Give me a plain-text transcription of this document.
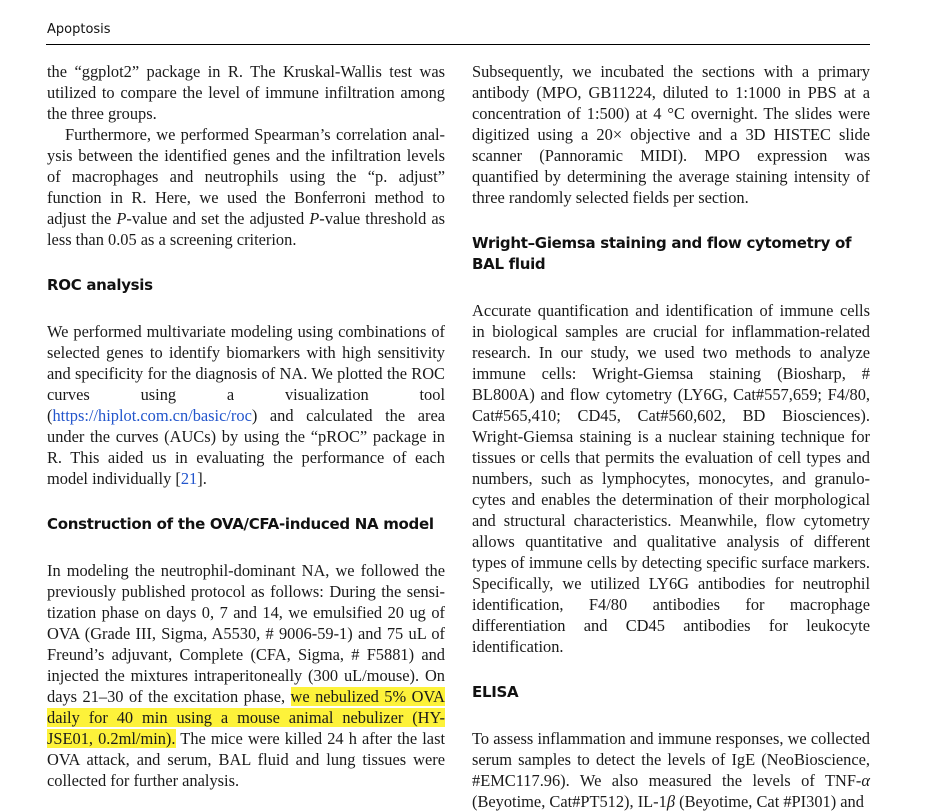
Apoptosis

the “ggplot2” package in R. The Kruskal-Wallis test was utilized to compare the level of immune infiltration among the three groups.

Furthermore, we performed Spearman’s correlation analysis between the identified genes and the infiltration levels of macrophages and neutrophils using the “p. adjust” function in R. Here, we used the Bonferroni method to adjust the P-value and set the adjusted P-value threshold as less than 0.05 as a screening criterion.

ROC analysis

We performed multivariate modeling using combinations of selected genes to identify biomarkers with high sensitivity and specificity for the diagnosis of NA. We plotted the ROC curves using a visualization tool (https://hiplot.com.cn/basic/roc) and calculated the area under the curves (AUCs) by using the “pROC” package in R. This aided us in evaluating the performance of each model individually [21].

Construction of the OVA/CFA-induced NA model

In modeling the neutrophil-dominant NA, we followed the previously published protocol as follows: During the sensitization phase on days 0, 7 and 14, we emulsified 20 ug of OVA (Grade III, Sigma, A5530, # 9006-59-1) and 75 uL of Freund’s adjuvant, Complete (CFA, Sigma, # F5881) and injected the mixtures intraperitoneally (300 uL/mouse). On days 21–30 of the excitation phase, we nebulized 5% OVA daily for 40 min using a mouse animal nebulizer (HY-JSE01, 0.2ml/min). The mice were killed 24 h after the last OVA attack, and serum, BAL fluid and lung tissues were collected for further analysis.

Subsequently, we incubated the sections with a primary antibody (MPO, GB11224, diluted to 1:1000 in PBS at a concentration of 1:500) at 4 °C overnight. The slides were digitized using a 20× objective and a 3D HISTEC slide scanner (Pannoramic MIDI). MPO expression was quantified by determining the average staining intensity of three randomly selected fields per section.

Wright–Giemsa staining and flow cytometry of BAL fluid

Accurate quantification and identification of immune cells in biological samples are crucial for inflammation-related research. In our study, we used two methods to analyze immune cells: Wright-Giemsa staining (Biosharp, # BL800A) and flow cytometry (LY6G, Cat#557,659; F4/80, Cat#565,410; CD45, Cat#560,602, BD Biosciences). Wright-Giemsa staining is a nuclear staining technique for tissues or cells that permits the evaluation of cell types and numbers, such as lymphocytes, monocytes, and granulocytes and enables the determination of their morphological and structural characteristics. Meanwhile, flow cytometry allows quantitative and qualitative analysis of different types of immune cells by detecting specific surface markers. Specifically, we utilized LY6G antibodies for neutrophil identification, F4/80 antibodies for macrophage differentiation and CD45 antibodies for leukocyte identification.

ELISA

To assess inflammation and immune responses, we collected serum samples to detect the levels of IgE (NeoBioscience, #EMC117.96). We also measured the levels of TNF-α (Beyotime, Cat#PT512), IL-1β (Beyotime, Cat #PI301) and
